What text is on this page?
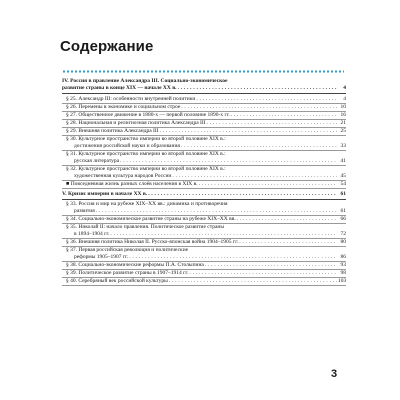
Содержание
IV. Россия в правление Александра III. Социально-экономическое
развитие страны в конце XIX — начале XX в. . . .	4
§ 25. Александр III: особенности внутренней политики . . .	4
§ 26. Перемены в экономике и социальном строе . . .	10
§ 27. Общественное движение в 1880-х — первой половине 1890-х гг. . . .	16
§ 28. Национальная и религиозная политика Александра III . . .	21
§ 29. Внешняя политика Александра III . . .	25
§ 30. Культурное пространство империи во второй половине XIX в.:
достижения российской науки и образования . . .	33
§ 31. Культурное пространство империи во второй половине XIX в.:
русская литература . . .	41
§ 32. Культурное пространство империи во второй половине XIX в.:
художественная культура народов России . . .	45
■ Повседневная жизнь разных слоёв населения в XIX в. . . .	54
V. Кризис империи в начале XX в. . . .	61
§ 33. Россия и мир на рубеже XIX–XX вв.: динамика и противоречия
развития . . .	61
§ 34. Социально-экономическое развитие страны на рубеже XIX–XX вв. . . .	66
§ 35. Николай II: начало правления. Политическое развитие страны
в 1894–1904 гг. . . .	72
§ 36. Внешняя политика Николая II. Русско-японская война 1904–1905 гг. . . .	80
§ 37. Первая российская революция и политические
реформы 1905–1907 гг. . . .	86
§ 38. Социально-экономические реформы П.А. Столыпина . . .	93
§ 39. Политическое развитие страны в 1907–1914 гг. . . .	98
§ 40. Серебряный век российской культуры . . .	103
3
